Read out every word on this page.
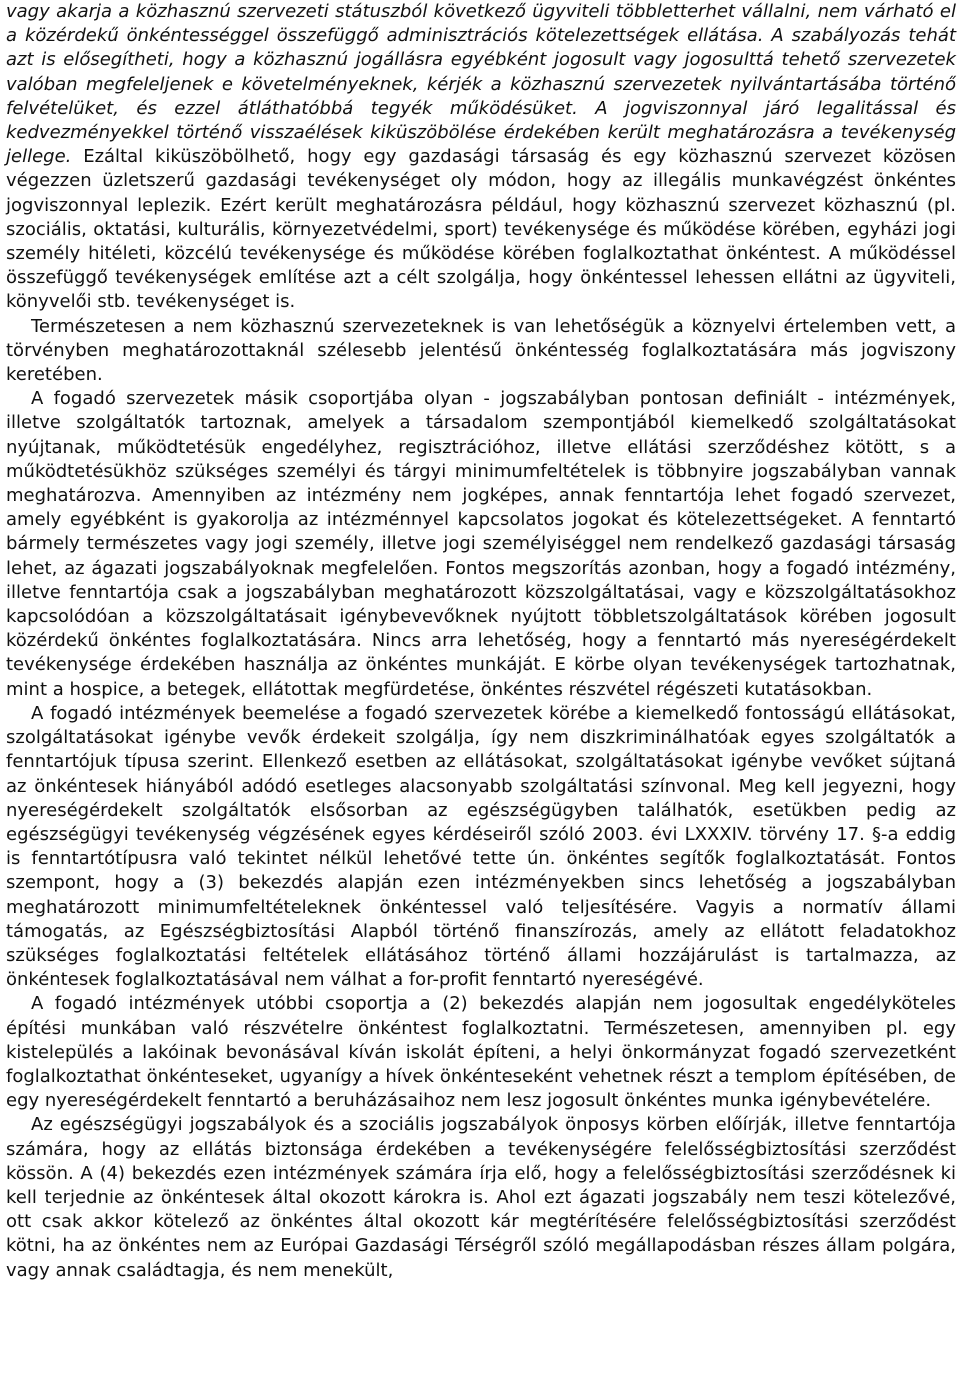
vagy akarja a közhasznú szervezeti státuszból következő ügyviteli többletterhet vállalni, nem várható el a közérdekű önkéntességgel összefüggő adminisztrációs kötelezettségek ellátása. A szabályozás tehát azt is elősegítheti, hogy a közhasznú jogállásra egyébként jogosult vagy jogosulttá tehető szervezetek valóban megfeleljenek e követelményeknek, kérjék a közhasznú szervezetek nyilvántartásába történő felvételüket, és ezzel átláthatóbbá tegyék működésüket. A jogviszonnyal járó legalitással és kedvezményekkel történő visszaélések kiküszöbölése érdekében került meghatározásra a tevékenység jellege. Ezáltal kiküszöbölhető, hogy egy gazdasági társaság és egy közhasznú szervezet közösen végezzen üzletszerű gazdasági tevékenységet oly módon, hogy az illegális munkavégzést önkéntes jogviszonnyal leplezik. Ezért került meghatározásra például, hogy közhasznú szervezet közhasznú (pl. szociális, oktatási, kulturális, környezetvédelmi, sport) tevékenysége és működése körében, egyházi jogi személy hitéleti, közcélú tevékenysége és működése körében foglalkoztathat önkéntest. A működéssel összefüggő tevékenységek említése azt a célt szolgálja, hogy önkéntessel lehessen ellátni az ügyviteli, könyvelői stb. tevékenységet is.

Természetesen a nem közhasznú szervezeteknek is van lehetőségük a köznyelvi értelemben vett, a törvényben meghatározottaknál szélesebb jelentésű önkéntesség foglalkoztatására más jogviszony keretében.

A fogadó szervezetek másik csoportjába olyan - jogszabályban pontosan definiált - intézmények, illetve szolgáltatók tartoznak, amelyek a társadalom szempontjából kiemelkedő szolgáltatásokat nyújtanak, működtetésük engedélyhez, regisztrációhoz, illetve ellátási szerződéshez kötött, s a működtetésükhöz szükséges személyi és tárgyi minimumfeltételek is többnyire jogszabályban vannak meghatározva. Amennyiben az intézmény nem jogképes, annak fenntartója lehet fogadó szervezet, amely egyébként is gyakorolja az intézménnyel kapcsolatos jogokat és kötelezettségeket. A fenntartó bármely természetes vagy jogi személy, illetve jogi személyiséggel nem rendelkező gazdasági társaság lehet, az ágazati jogszabályoknak megfelelően. Fontos megszorítás azonban, hogy a fogadó intézmény, illetve fenntartója csak a jogszabályban meghatározott közszolgáltatásai, vagy e közszolgáltatásokhoz kapcsolódóan a közszolgáltatásait igénybevevőknek nyújtott többletszolgáltatások körében jogosult közérdekű önkéntes foglalkoztatására. Nincs arra lehetőség, hogy a fenntartó más nyereségérdekelt tevékenysége érdekében használja az önkéntes munkáját. E körbe olyan tevékenységek tartozhatnak, mint a hospice, a betegek, ellátottak megfürdetése, önkéntes részvétel régészeti kutatásokban.

A fogadó intézmények beemelése a fogadó szervezetek körébe a kiemelkedő fontosságú ellátásokat, szolgáltatásokat igénybe vevők érdekeit szolgálja, így nem diszkriminálhatóak egyes szolgáltatók a fenntartójuk típusa szerint. Ellenkező esetben az ellátásokat, szolgáltatásokat igénybe vevőket sújtaná az önkéntesek hiányából adódó esetleges alacsonyabb szolgáltatási színvonal. Meg kell jegyezni, hogy nyereségérdekelt szolgáltatók elsősorban az egészségügyben találhatók, esetükben pedig az egészségügyi tevékenység végzésének egyes kérdéseiről szóló 2003. évi LXXXIV. törvény 17. §-a eddig is fenntartótípusra való tekintet nélkül lehetővé tette ún. önkéntes segítők foglalkoztatását. Fontos szempont, hogy a (3) bekezdés alapján ezen intézményekben sincs lehetőség a jogszabályban meghatározott minimumfeltételeknek önkéntessel való teljesítésére. Vagyis a normatív állami támogatás, az Egészségbiztosítási Alapból történő finanszírozás, amely az ellátott feladatokhoz szükséges foglalkoztatási feltételek ellátásához történő állami hozzájárulást is tartalmazza, az önkéntesek foglalkoztatásával nem válhat a for-profit fenntartó nyereségévé.

A fogadó intézmények utóbbi csoportja a (2) bekezdés alapján nem jogosultak engedélyköteles építési munkában való részvételre önkéntest foglalkoztatni. Természetesen, amennyiben pl. egy kistelepülés a lakóinak bevonásával kíván iskolát építeni, a helyi önkormányzat fogadó szervezetként foglalkoztathat önkénteseket, ugyanígy a hívek önkénteseként vehetnek részt a templom építésében, de egy nyereségérdekelt fenntartó a beruházásaihoz nem lesz jogosult önkéntes munka igénybevételére.

Az egészségügyi jogszabályok és a szociális jogszabályok önposys körben előírják, illetve fenntartója számára, hogy az ellátás biztonsága érdekében a tevékenységére felelősségbiztosítási szerződést kössön. A (4) bekezdés ezen intézmények számára írja elő, hogy a felelősségbiztosítási szerződésnek ki kell terjednie az önkéntesek által okozott károkra is. Ahol ezt ágazati jogszabály nem teszi kötelezővé, ott csak akkor kötelező az önkéntes által okozott kár megtérítésére felelősségbiztosítási szerződést kötni, ha az önkéntes nem az Európai Gazdasági Térségről szóló megállapodásban részes állam polgára, vagy annak családtagja, és nem menekült,
